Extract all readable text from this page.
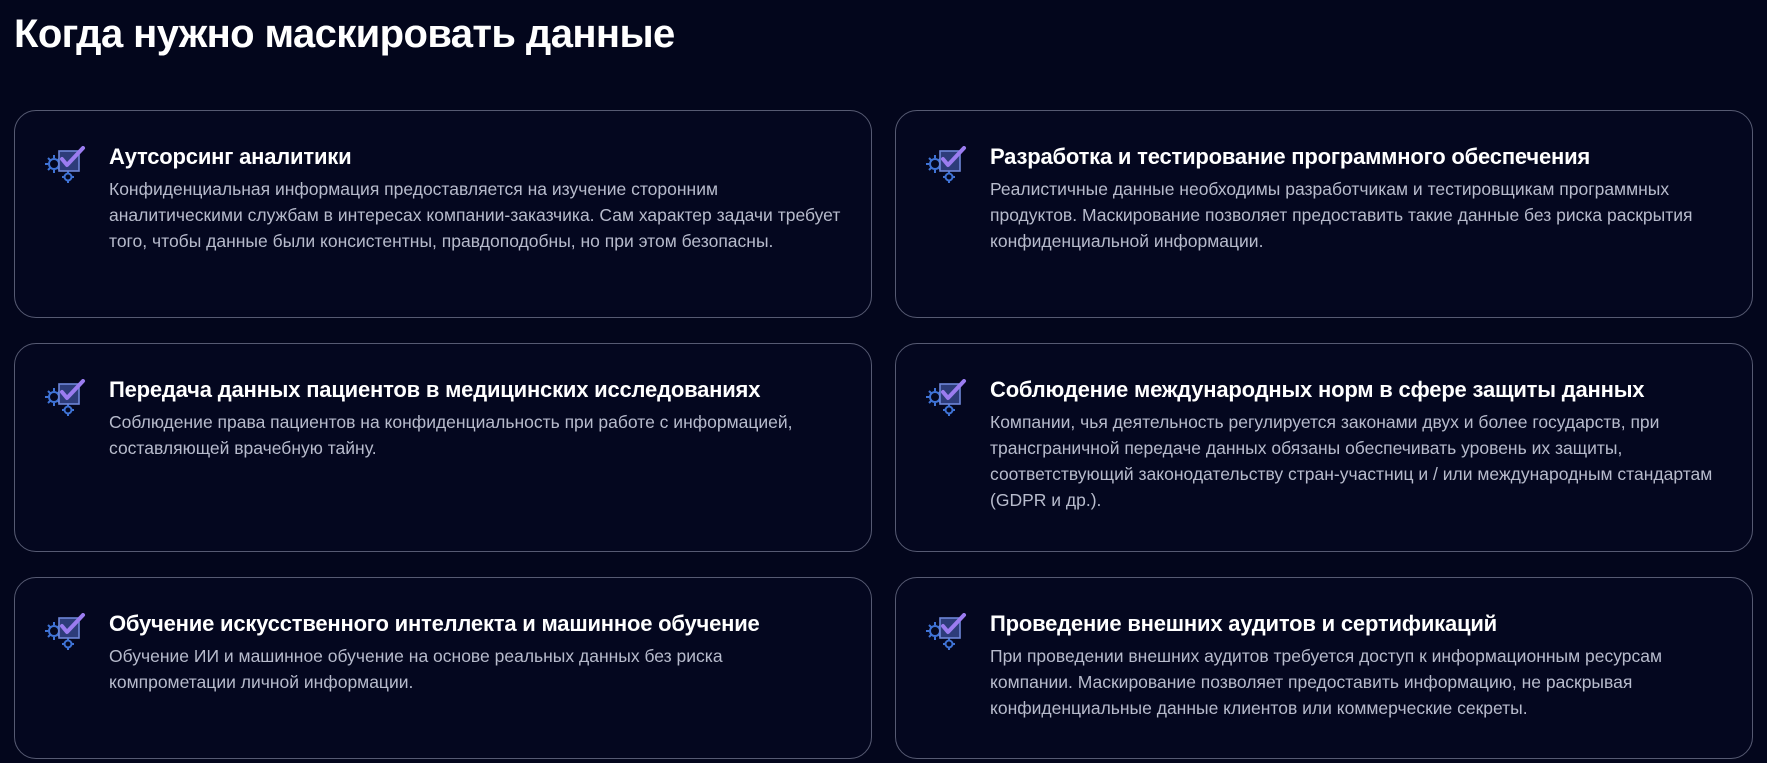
Когда нужно маскировать данные
Аутсорсинг аналитики

Конфиденциальная информация предоставляется на изучение сторонним аналитическими службам в интересах компании-заказчика. Сам характер задачи требует того, чтобы данные были консистентны, правдоподобны, но при этом безопасны.

Разработка и тестирование программного обеспечения

Реалистичные данные необходимы разработчикам и тестировщикам программных продуктов. Маскирование позволяет предоставить такие данные без риска раскрытия конфиденциальной информации.

Передача данных пациентов в медицинских исследованиях

Соблюдение права пациентов на конфиденциальность при работе с информацией, составляющей врачебную тайну.

Соблюдение международных норм в сфере защиты данных

Компании, чья деятельность регулируется законами двух и более государств, при трансграничной передаче данных обязаны обеспечивать уровень их защиты, соответствующий законодательству стран-участниц и / или международным стандартам (GDPR и др.).

Обучение искусственного интеллекта и машинное обучение

Обучение ИИ и машинное обучение на основе реальных данных без риска компрометации личной информации.

Проведение внешних аудитов и сертификаций

При проведении внешних аудитов требуется доступ к информационным ресурсам компании. Маскирование позволяет предоставить информацию, не раскрывая конфиденциальные данные клиентов или коммерческие секреты.
